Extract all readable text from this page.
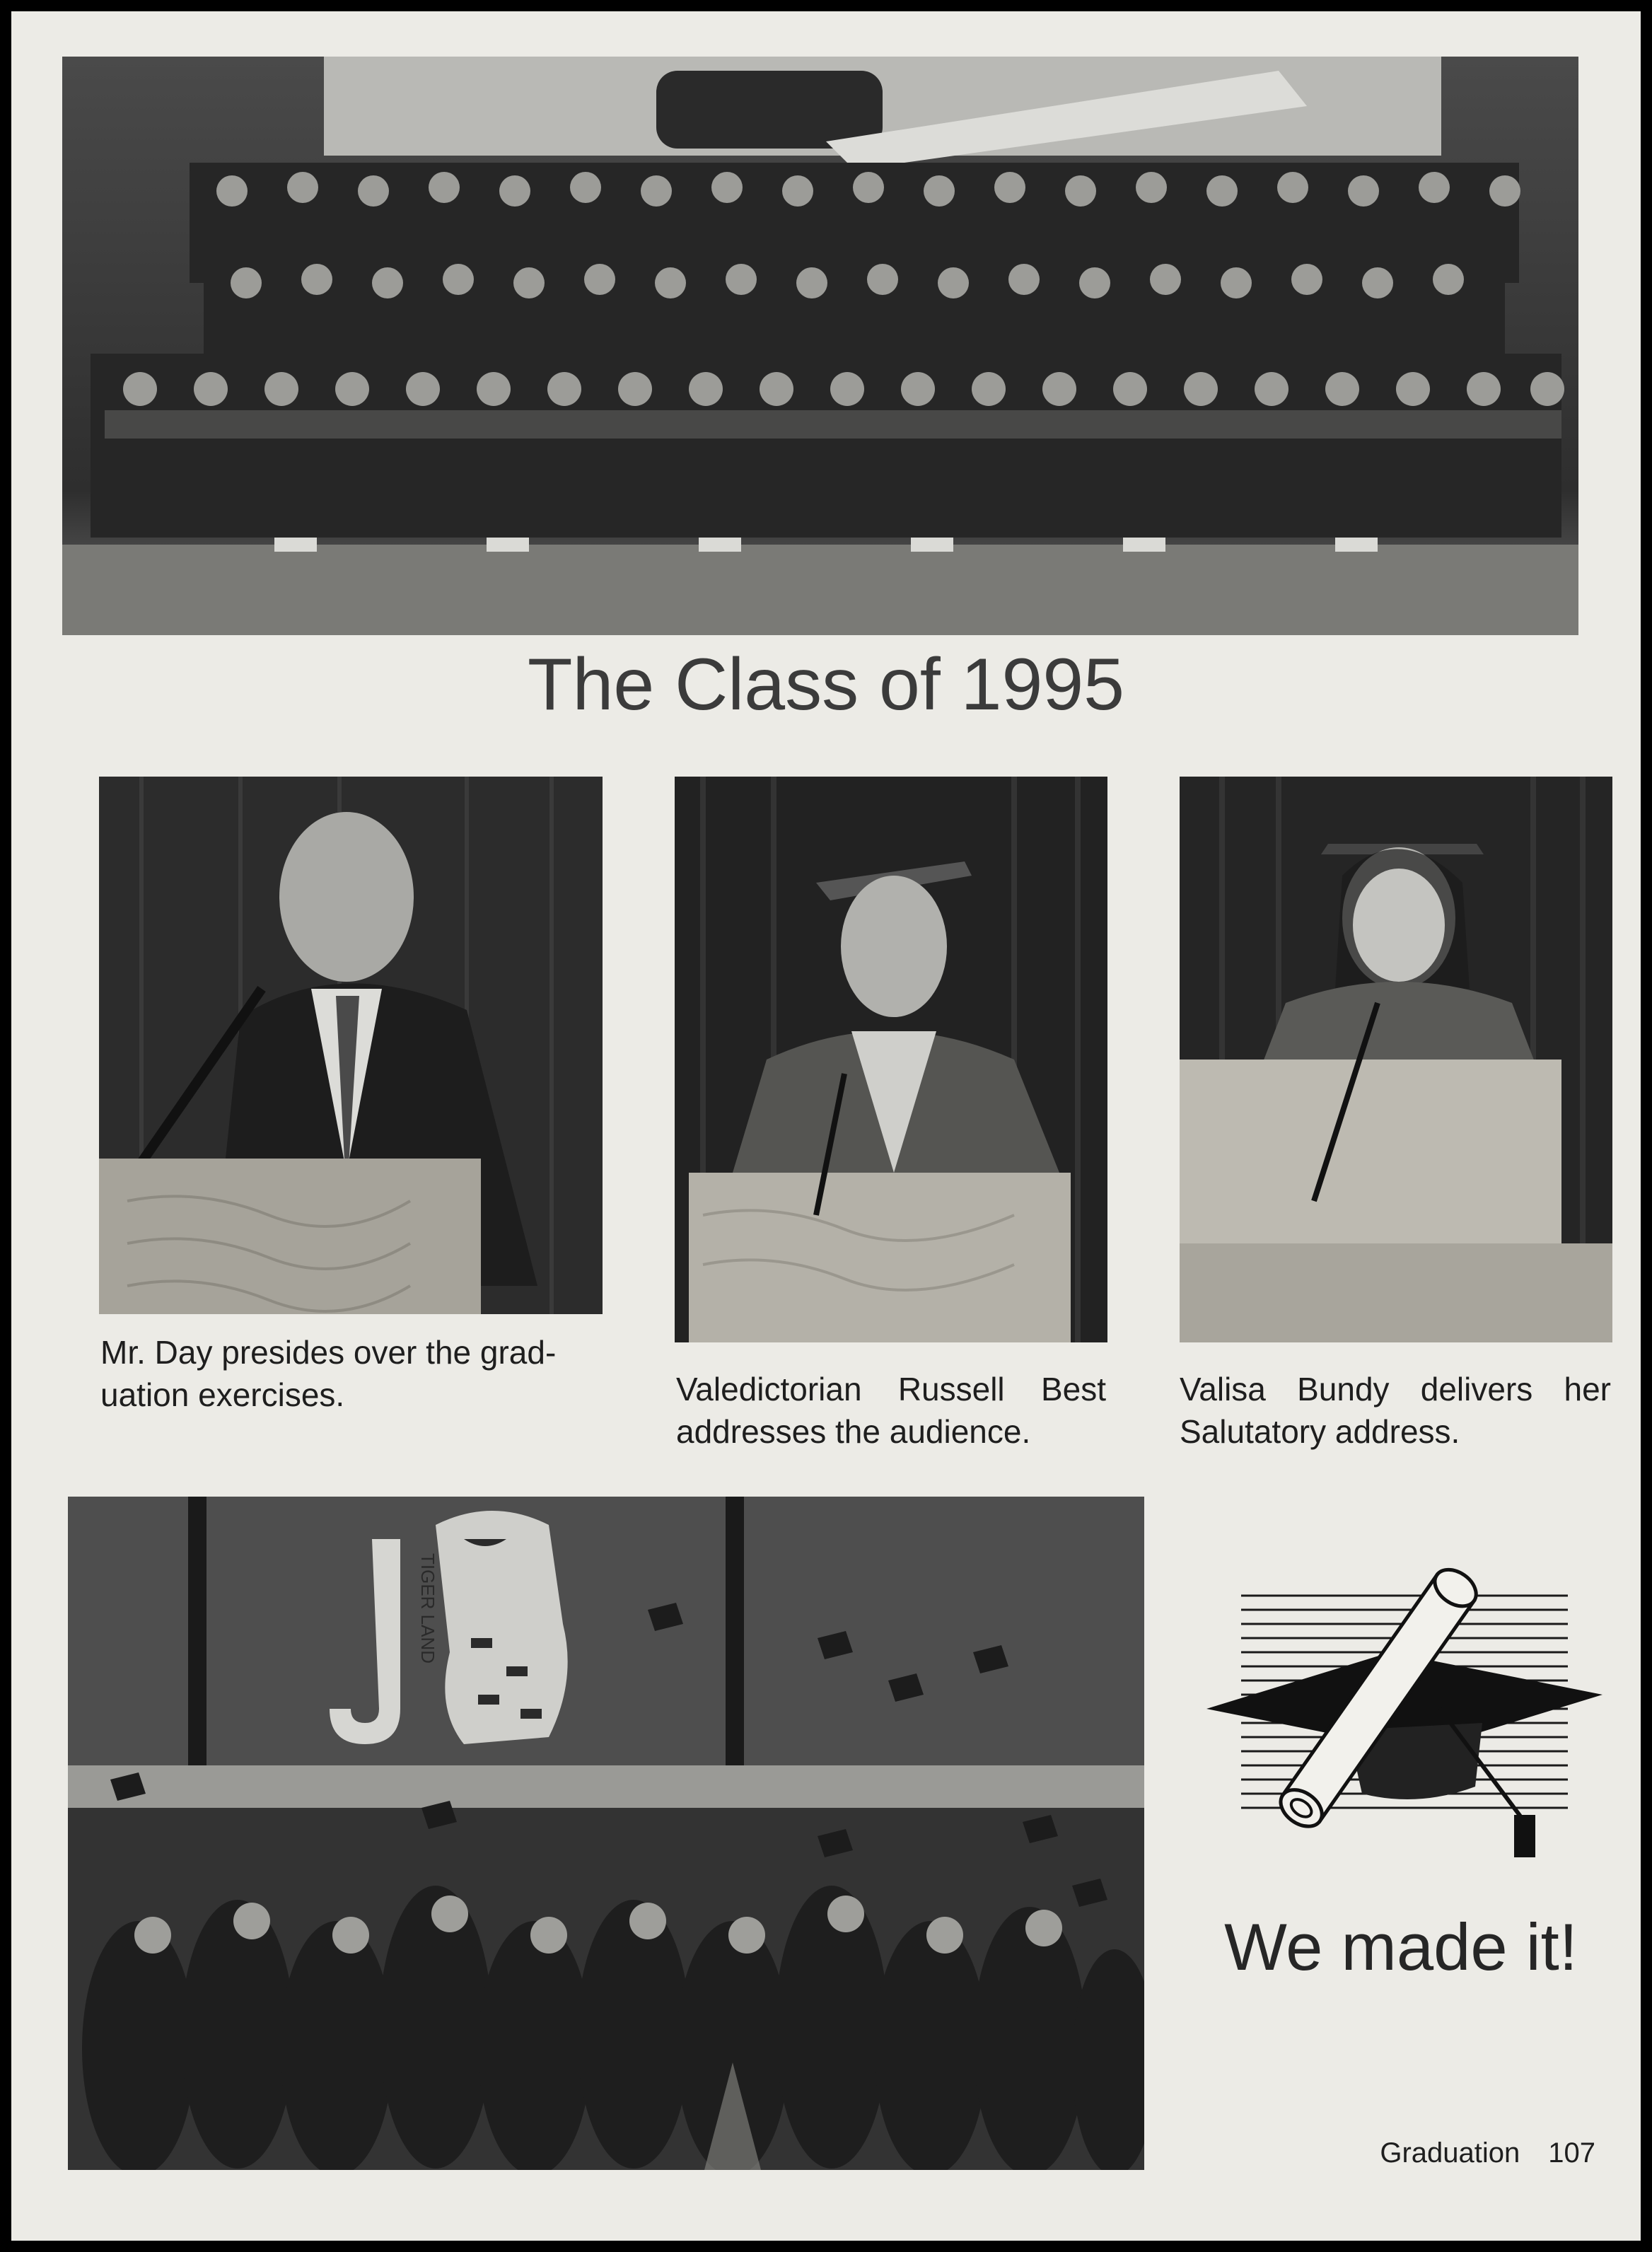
The Class of 1995

Mr. Day presides over the grad-
uation exercises.	Valedictorian Russell Best
addresses the audience.

Valisa Bundy delivers her
Salutatory address.

TIGER LAND

We made it!

Graduation 107
